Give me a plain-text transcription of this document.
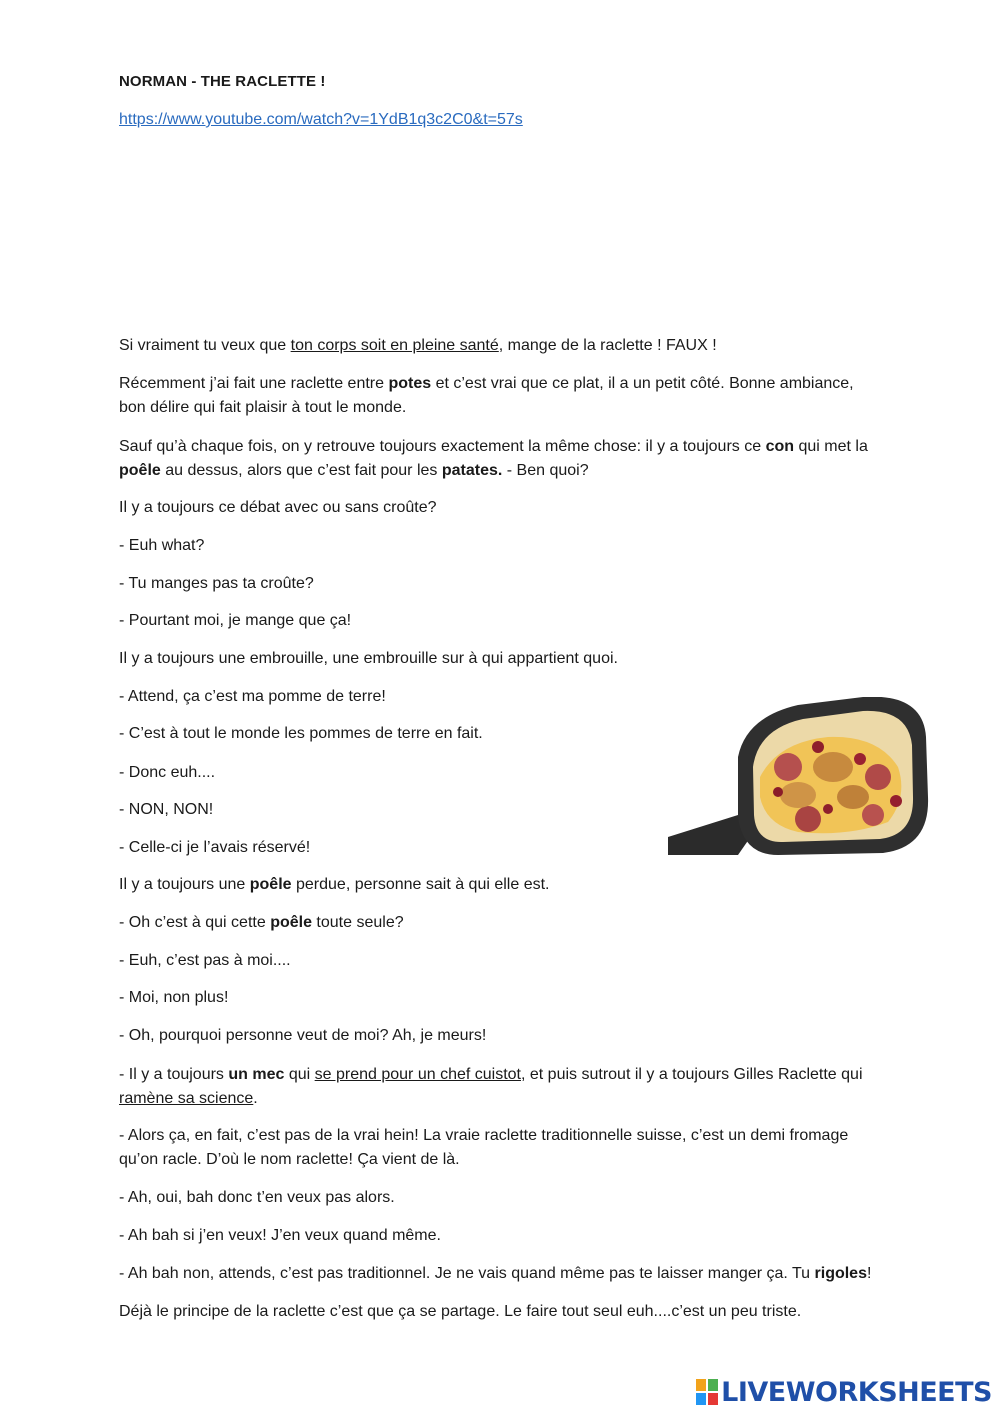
NORMAN - THE RACLETTE !
https://www.youtube.com/watch?v=1YdB1q3c2C0&t=57s
Si vraiment tu veux que ton corps soit en pleine santé, mange de la raclette ! FAUX !
Récemment j’ai fait une raclette entre potes et c’est vrai que ce plat, il a un petit côté. Bonne ambiance,
bon délire qui fait plaisir à tout le monde.
Sauf qu’à chaque fois, on y retrouve toujours exactement la même chose: il y a toujours ce con qui met la
poêle au dessus, alors que c’est fait pour les patates. - Ben quoi?
Il y a toujours ce débat avec ou sans croûte?
- Euh what?
- Tu manges pas ta croûte?
- Pourtant moi, je mange que ça!
Il y a toujours une embrouille, une embrouille sur à qui appartient quoi.
- Attend, ça c’est ma pomme de terre!
- C’est à tout le monde les pommes de terre en fait.
- Donc euh....
- NON, NON!
- Celle-ci je l’avais réservé!
Il y a toujours une poêle perdue, personne sait à qui elle est.
- Oh c’est à qui cette poêle toute seule?
- Euh, c’est pas à moi....
- Moi, non plus!
- Oh, pourquoi personne veut de moi? Ah, je meurs!
- Il y a toujours un mec qui se prend pour un chef cuistot, et puis sutrout il y a toujours Gilles Raclette qui
ramène sa science.
- Alors ça, en fait, c’est pas de la vrai hein! La vraie raclette traditionnelle suisse, c’est un demi fromage
qu’on racle. D’où le nom raclette! Ça vient de là.
- Ah, oui, bah donc t’en veux pas alors.
- Ah bah si j’en veux! J’en veux quand même.
- Ah bah non, attends, c’est pas traditionnel. Je ne vais quand même pas te laisser manger ça. Tu rigoles!
Déjà le principe de la raclette c’est que ça se partage. Le faire tout seul euh....c’est un peu triste.
LIVEWORKSHEETS
